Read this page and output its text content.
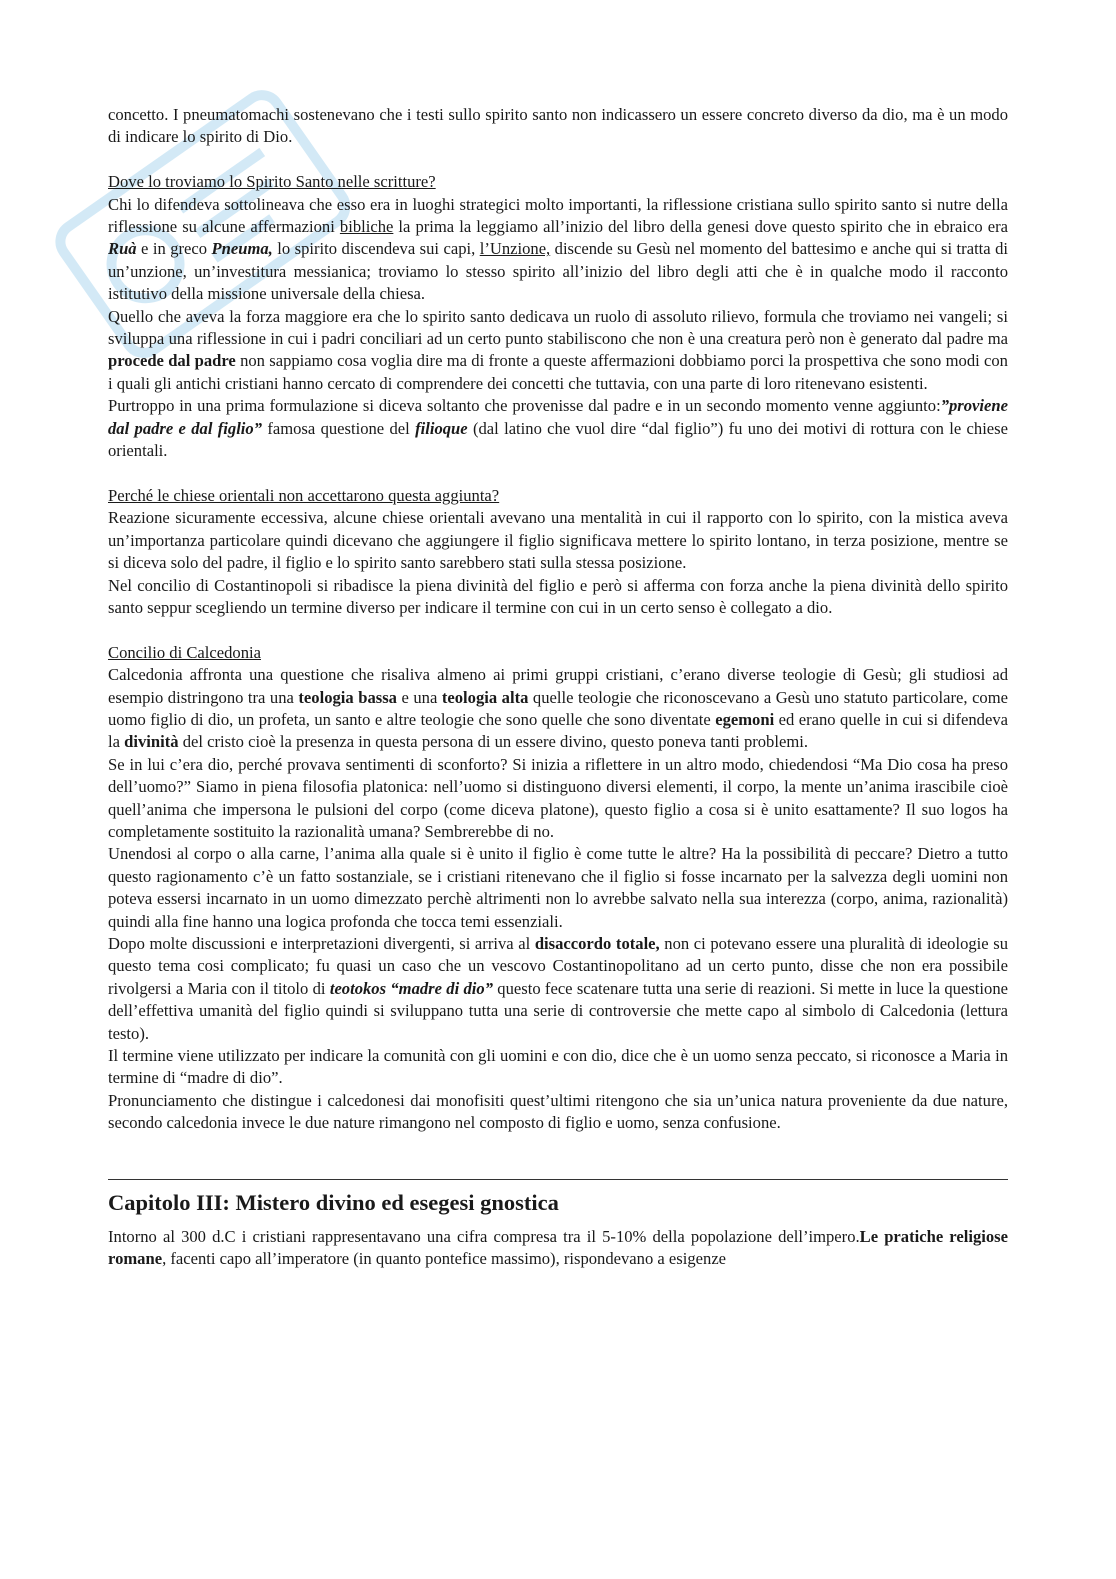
concetto. I pneumatomachi sostenevano che i testi sullo spirito santo non indicassero un essere concreto diverso da dio, ma è un modo di indicare lo spirito di Dio.

Dove lo troviamo lo Spirito Santo nelle scritture?

Chi lo difendeva sottolineava che esso era in luoghi strategici molto importanti, la riflessione cristiana sullo spirito santo si nutre della riflessione su alcune affermazioni bibliche la prima la leggiamo all’inizio del libro della genesi dove questo spirito che in ebraico era Ruà e in greco Pneuma, lo spirito discendeva sui capi, l’Unzione, discende su Gesù nel momento del battesimo e anche qui si tratta di un’unzione, un’investitura messianica; troviamo lo stesso spirito all’inizio del libro degli atti che è in qualche modo il racconto istitutivo della missione universale della chiesa.

Quello che aveva la forza maggiore era che lo spirito santo dedicava un ruolo di assoluto rilievo, formula che troviamo nei vangeli; si sviluppa una riflessione in cui i padri conciliari ad un certo punto stabiliscono che non è una creatura però non è generato dal padre ma procede dal padre non sappiamo cosa voglia dire ma di fronte a queste affermazioni dobbiamo porci la prospettiva che sono modi con i quali gli antichi cristiani hanno cercato di comprendere dei concetti che tuttavia, con una parte di loro ritenevano esistenti.

Purtroppo in una prima formulazione si diceva soltanto che provenisse dal padre e in un secondo momento venne aggiunto:”proviene dal padre e dal figlio” famosa questione del filioque (dal latino che vuol dire “dal figlio”) fu uno dei motivi di rottura con le chiese orientali.

Perché le chiese orientali non accettarono questa aggiunta?

Reazione sicuramente eccessiva, alcune chiese orientali avevano una mentalità in cui il rapporto con lo spirito, con la mistica aveva un’importanza particolare quindi dicevano che aggiungere il figlio significava mettere lo spirito lontano, in terza posizione, mentre se si diceva solo del padre, il figlio e lo spirito santo sarebbero stati sulla stessa posizione.

Nel concilio di Costantinopoli si ribadisce la piena divinità del figlio e però si afferma con forza anche la piena divinità dello spirito santo seppur scegliendo un termine diverso per indicare il termine con cui in un certo senso è collegato a dio.

Concilio di Calcedonia

Calcedonia affronta una questione che risaliva almeno ai primi gruppi cristiani, c’erano diverse teologie di Gesù; gli studiosi ad esempio distringono tra una teologia bassa e una teologia alta quelle teologie che riconoscevano a Gesù uno statuto particolare, come uomo figlio di dio, un profeta, un santo e altre teologie che sono quelle che sono diventate egemoni ed erano quelle in cui si difendeva la divinità del cristo cioè la presenza in questa persona di un essere divino, questo poneva tanti problemi.

Se in lui c’era dio, perché provava sentimenti di sconforto? Si inizia a riflettere in un altro modo, chiedendosi “Ma Dio cosa ha preso dell’uomo?” Siamo in piena filosofia platonica: nell’uomo si distinguono diversi elementi, il corpo, la mente un’anima irascibile cioè quell’anima che impersona le pulsioni del corpo (come diceva platone), questo figlio a cosa si è unito esattamente? Il suo logos ha completamente sostituito la razionalità umana? Sembrerebbe di no.

Unendosi al corpo o alla carne, l’anima alla quale si è unito il figlio è come tutte le altre? Ha la possibilità di peccare? Dietro a tutto questo ragionamento c’è un fatto sostanziale, se i cristiani ritenevano che il figlio si fosse incarnato per la salvezza degli uomini non poteva essersi incarnato in un uomo dimezzato perchè altrimenti non lo avrebbe salvato nella sua interezza (corpo, anima, razionalità) quindi alla fine hanno una logica profonda che tocca temi essenziali.

Dopo molte discussioni e interpretazioni divergenti, si arriva al disaccordo totale, non ci potevano essere una pluralità di ideologie su questo tema cosi complicato; fu quasi un caso che un vescovo Costantinopolitano ad un certo punto, disse che non era possibile rivolgersi a Maria con il titolo di teotokos “madre di dio” questo fece scatenare tutta una serie di reazioni. Si mette in luce la questione dell’effettiva umanità del figlio quindi si sviluppano tutta una serie di controversie che mette capo al simbolo di Calcedonia (lettura testo).

Il termine viene utilizzato per indicare la comunità con gli uomini e con dio, dice che è un uomo senza peccato, si riconosce a Maria in termine di “madre di dio”.

Pronunciamento che distingue i calcedonesi dai monofisiti quest’ultimi ritengono che sia un’unica natura proveniente da due nature, secondo calcedonia invece le due nature rimangono nel composto di figlio e uomo, senza confusione.

Capitolo III: Mistero divino ed esegesi gnostica

Intorno al 300 d.C i cristiani rappresentavano una cifra compresa tra il 5-10% della popolazione dell’impero.Le pratiche religiose romane, facenti capo all’imperatore (in quanto pontefice massimo), rispondevano a esigenze
